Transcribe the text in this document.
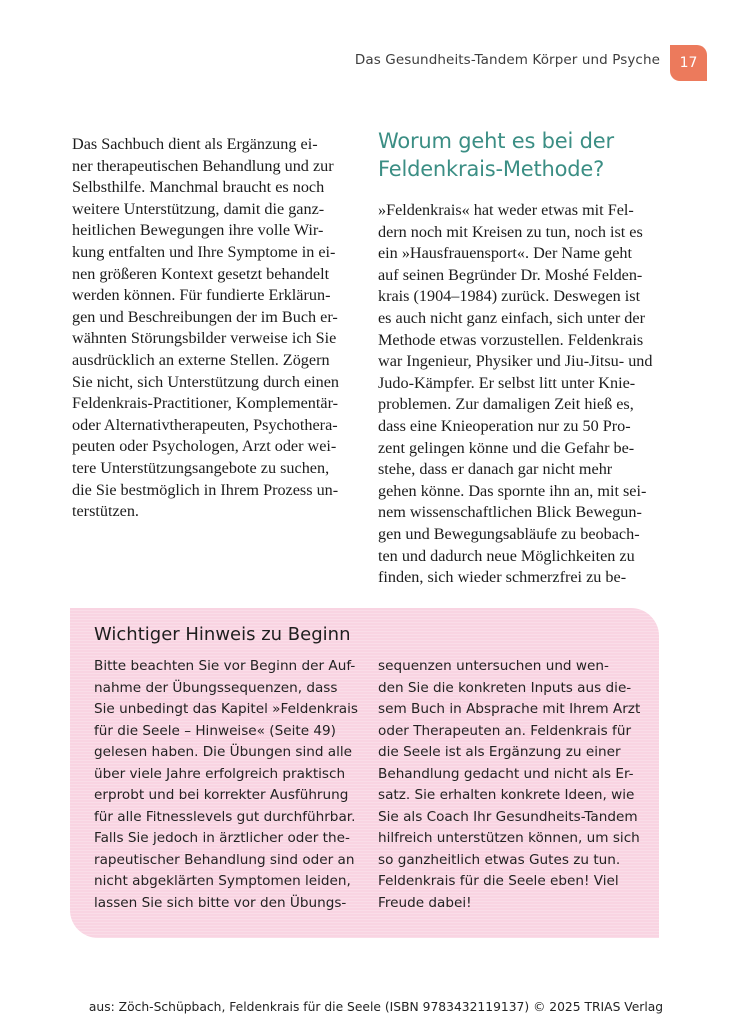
Das Gesundheits-Tandem Körper und Psyche	17
Das Sachbuch dient als Ergänzung ei-
ner therapeutischen Behandlung und zur
Selbsthilfe. Manchmal braucht es noch
weitere Unterstützung, damit die ganz-
heitlichen Bewegungen ihre volle Wir-
kung entfalten und Ihre Symptome in ei-
nen größeren Kontext gesetzt behandelt
werden können. Für fundierte Erklärun-
gen und Beschreibungen der im Buch er-
wähnten Störungsbilder verweise ich Sie
ausdrücklich an externe Stellen. Zögern
Sie nicht, sich Unterstützung durch einen
Feldenkrais-Practitioner, Komplementär-
oder Alternativtherapeuten, Psychothera-
peuten oder Psychologen, Arzt oder wei-
tere Unterstützungsangebote zu suchen,
die Sie bestmöglich in Ihrem Prozess un-
terstützen.
Worum geht es bei der
Feldenkrais-Methode?
»Feldenkrais« hat weder etwas mit Fel-
dern noch mit Kreisen zu tun, noch ist es
ein »Hausfrauensport«. Der Name geht
auf seinen Begründer Dr. Moshé Felden-
krais (1904–1984) zurück. Deswegen ist
es auch nicht ganz einfach, sich unter der
Methode etwas vorzustellen. Feldenkrais
war Ingenieur, Physiker und Jiu-Jitsu- und
Judo-Kämpfer. Er selbst litt unter Knie-
problemen. Zur damaligen Zeit hieß es,
dass eine Knieoperation nur zu 50 Pro-
zent gelingen könne und die Gefahr be-
stehe, dass er danach gar nicht mehr
gehen könne. Das spornte ihn an, mit sei-
nem wissenschaftlichen Blick Bewegun-
gen und Bewegungsabläufe zu beobach-
ten und dadurch neue Möglichkeiten zu
finden, sich wieder schmerzfrei zu be-
Wichtiger Hinweis zu Beginn
Bitte beachten Sie vor Beginn der Auf-
nahme der Übungssequenzen, dass
Sie unbedingt das Kapitel »Feldenkrais
für die Seele – Hinweise« (Seite 49)
gelesen haben. Die Übungen sind alle
über viele Jahre erfolgreich praktisch
erprobt und bei korrekter Ausführung
für alle Fitnesslevels gut durchführbar.
Falls Sie jedoch in ärztlicher oder the-
rapeutischer Behandlung sind oder an
nicht abgeklärten Symptomen leiden,
lassen Sie sich bitte vor den Übungs-
sequenzen untersuchen und wen-
den Sie die konkreten Inputs aus die-
sem Buch in Absprache mit Ihrem Arzt
oder Therapeuten an. Feldenkrais für
die Seele ist als Ergänzung zu einer
Behandlung gedacht und nicht als Er-
satz. Sie erhalten konkrete Ideen, wie
Sie als Coach Ihr Gesundheits-Tandem
hilfreich unterstützen können, um sich
so ganzheitlich etwas Gutes zu tun.
Feldenkrais für die Seele eben! Viel
Freude dabei!
aus: Zöch-Schüpbach, Feldenkrais für die Seele (ISBN 9783432119137) © 2025 TRIAS Verlag
